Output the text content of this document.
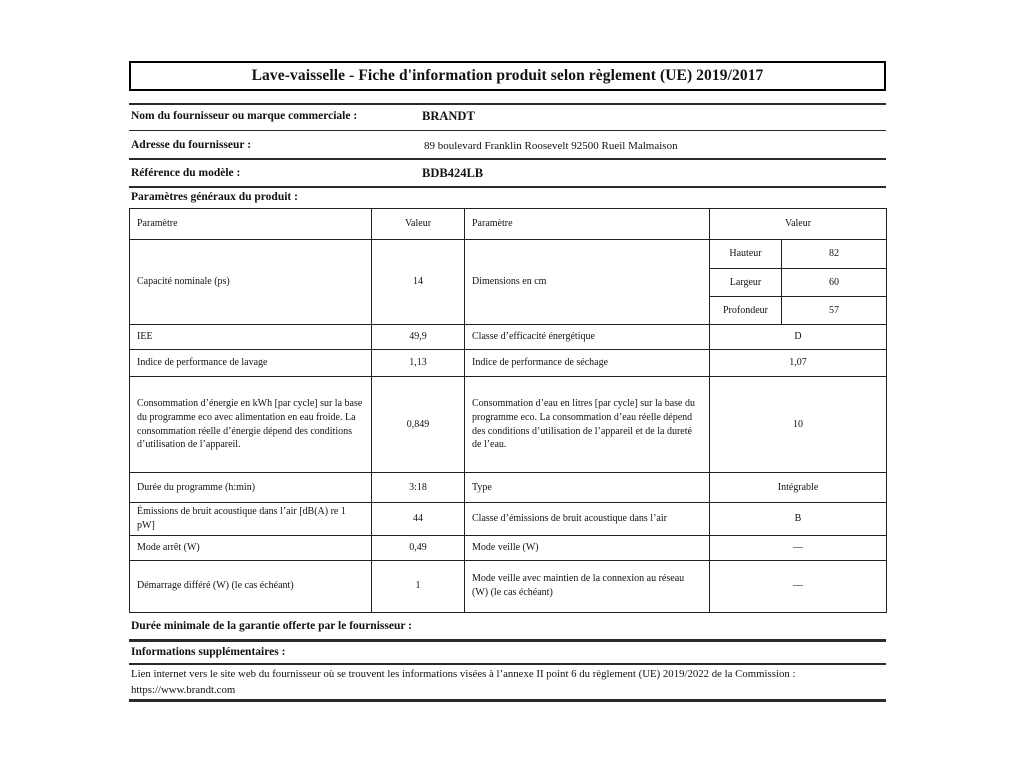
Lave-vaisselle - Fiche d'information produit selon règlement (UE) 2019/2017
Nom du fournisseur ou marque commerciale :	BRANDT
Adresse du fournisseur :	89 boulevard Franklin Roosevelt 92500 Rueil Malmaison
Référence du modèle :	BDB424LB
Paramètres généraux du produit :
Paramètre	Valeur	Paramètre	Valeur	
Capacité nominale (ps)	14	Dimensions en cm	Hauteur	82
			Largeur	60
			Profondeur	57
IEE	49,9	Classe d’efficacité énergétique	D	
Indice de performance de lavage	1,13	Indice de performance de séchage	1,07	
Consommation d’énergie en kWh [par cycle] sur la base du programme eco avec alimentation en eau froide. La consommation réelle d’énergie dépend des conditions d’utilisation de l’appareil.	0,849	Consommation d’eau en litres [par cycle] sur la base du programme eco. La consommation d’eau réelle dépend des conditions d’utilisation de l’appareil et de la dureté de l’eau.	10	
Durée du programme (h:min)	3:18	Type	Intégrable	
Émissions de bruit acoustique dans l’air [dB(A) re 1 pW]	44	Classe d’émissions de bruit acoustique dans l’air	B	
Mode arrêt (W)	0,49	Mode veille (W)	—	
Démarrage différé (W) (le cas échéant)	1	Mode veille avec maintien de la connexion au réseau (W) (le cas échéant)	—	
Durée minimale de la garantie offerte par le fournisseur :
Informations supplémentaires :
Lien internet vers le site web du fournisseur où se trouvent les informations visées à l’annexe II point 6 du règlement (UE) 2019/2022 de la Commission :
https://www.brandt.com
